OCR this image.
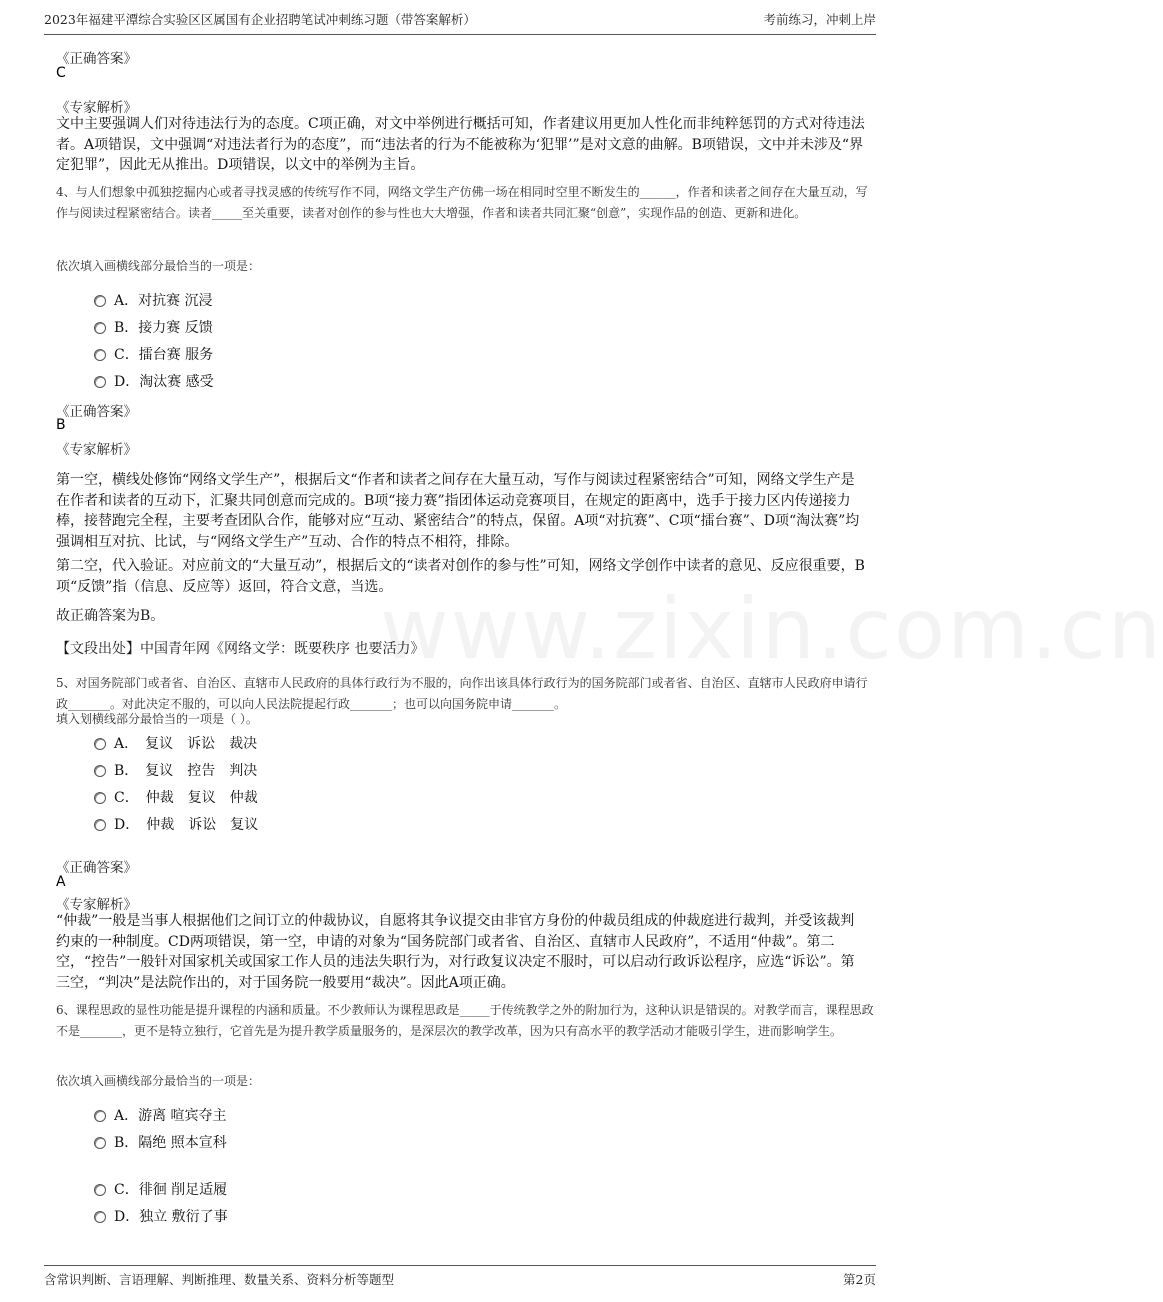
2023年福建平潭综合实验区区属国有企业招聘笔试冲刺练习题（带答案解析）	考前练习，冲刺上岸
www.zixin.com.cn
《正确答案》
C
《专家解析》
文中主要强调人们对待违法行为的态度。C项正确，对文中举例进行概括可知，作者建议用更加人性化而非纯粹惩罚的方式对待违法者。A项错误，文中强调“对违法者行为的态度”，而“违法者的行为不能被称为‘犯罪’”是对文意的曲解。B项错误，文中并未涉及“界定犯罪”，因此无从推出。D项错误，以文中的举例为主旨。
4、与人们想象中孤独挖掘内心或者寻找灵感的传统写作不同，网络文学生产仿佛一场在相同时空里不断发生的______，作者和读者之间存在大量互动，写作与阅读过程紧密结合。读者_____至关重要，读者对创作的参与性也大大增强，作者和读者共同汇聚“创意”，实现作品的创造、更新和进化。
依次填入画横线部分最恰当的一项是：
A．对抗赛 沉浸
B．接力赛 反馈
C．擂台赛 服务
D．淘汰赛 感受
《正确答案》
B
《专家解析》
第一空，横线处修饰“网络文学生产”，根据后文“作者和读者之间存在大量互动，写作与阅读过程紧密结合”可知，网络文学生产是在作者和读者的互动下，汇聚共同创意而完成的。B项“接力赛”指团体运动竞赛项目，在规定的距离中，选手于接力区内传递接力棒，接替跑完全程，主要考查团队合作，能够对应“互动、紧密结合”的特点，保留。A项“对抗赛”、C项“擂台赛”、D项“淘汰赛”均强调相互对抗、比试，与“网络文学生产”互动、合作的特点不相符，排除。
第二空，代入验证。对应前文的“大量互动”，根据后文的“读者对创作的参与性”可知，网络文学创作中读者的意见、反应很重要，B项“反馈”指（信息、反应等）返回，符合文意，当选。
故正确答案为B。
【文段出处】中国青年网《网络文学：既要秩序 也要活力》
5、对国务院部门或者省、自治区、直辖市人民政府的具体行政行为不服的，向作出该具体行政行为的国务院部门或者省、自治区、直辖市人民政府申请行政_______。对此决定不服的，可以向人民法院提起行政_______；也可以向国务院申请_______。
填入划横线部分最恰当的一项是（ ）。
A．　复议　诉讼　裁决
B．　复议　控告　判决
C．　仲裁　复议　仲裁
D．　仲裁　诉讼　复议
《正确答案》
A
《专家解析》
“仲裁”一般是当事人根据他们之间订立的仲裁协议，自愿将其争议提交由非官方身份的仲裁员组成的仲裁庭进行裁判，并受该裁判约束的一种制度。CD两项错误，第一空，申请的对象为“国务院部门或者省、自治区、直辖市人民政府”，不适用“仲裁”。第二空，“控告”一般针对国家机关或国家工作人员的违法失职行为，对行政复议决定不服时，可以启动行政诉讼程序，应选“诉讼”。第三空，“判决”是法院作出的，对于国务院一般要用“裁决”。因此A项正确。
6、课程思政的显性功能是提升课程的内涵和质量。不少教师认为课程思政是_____于传统教学之外的附加行为，这种认识是错误的。对教学而言，课程思政不是_______，更不是特立独行，它首先是为提升教学质量服务的，是深层次的教学改革，因为只有高水平的教学活动才能吸引学生，进而影响学生。
依次填入画横线部分最恰当的一项是：
A．游离 喧宾夺主
B．隔绝 照本宣科
C．徘徊 削足适履
D．独立 敷衍了事
含常识判断、言语理解、判断推理、数量关系、资料分析等题型	第2页
